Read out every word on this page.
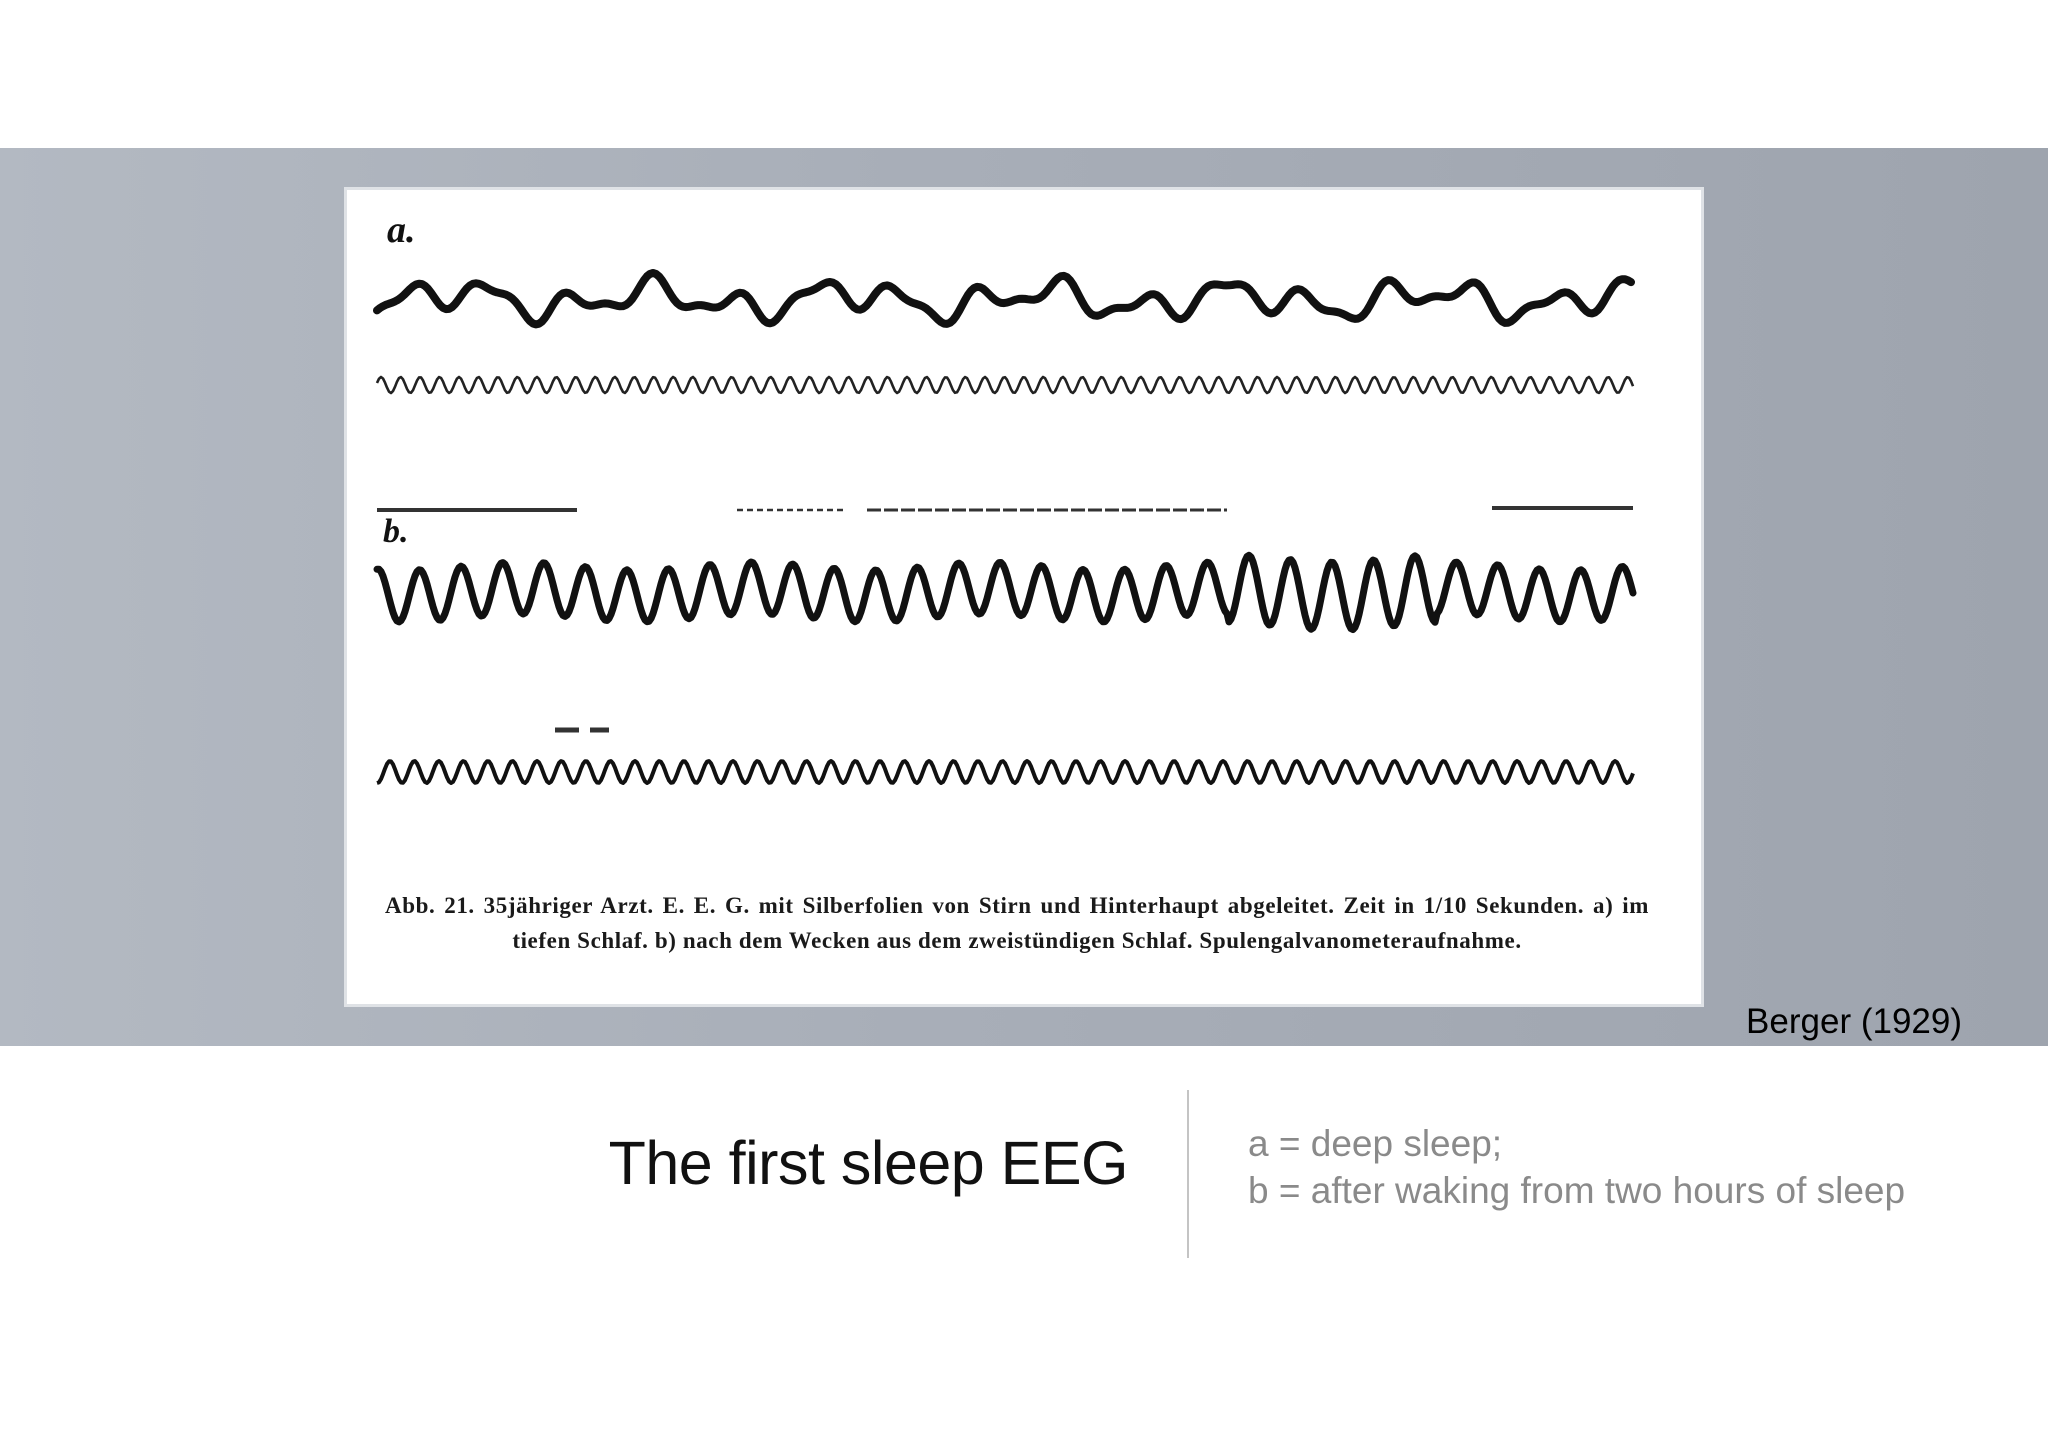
a.
b.
Abb. 21. 35jähriger Arzt. E. E. G. mit Silberfolien von Stirn und Hinterhaupt abgeleitet. Zeit in 1/10 Sekunden. a) im tiefen Schlaf. b) nach dem Wecken aus dem zweistündigen Schlaf. Spulengalvanometeraufnahme.
Berger (1929)
The first sleep EEG	a = deep sleep;
b = after waking from two hours of sleep
